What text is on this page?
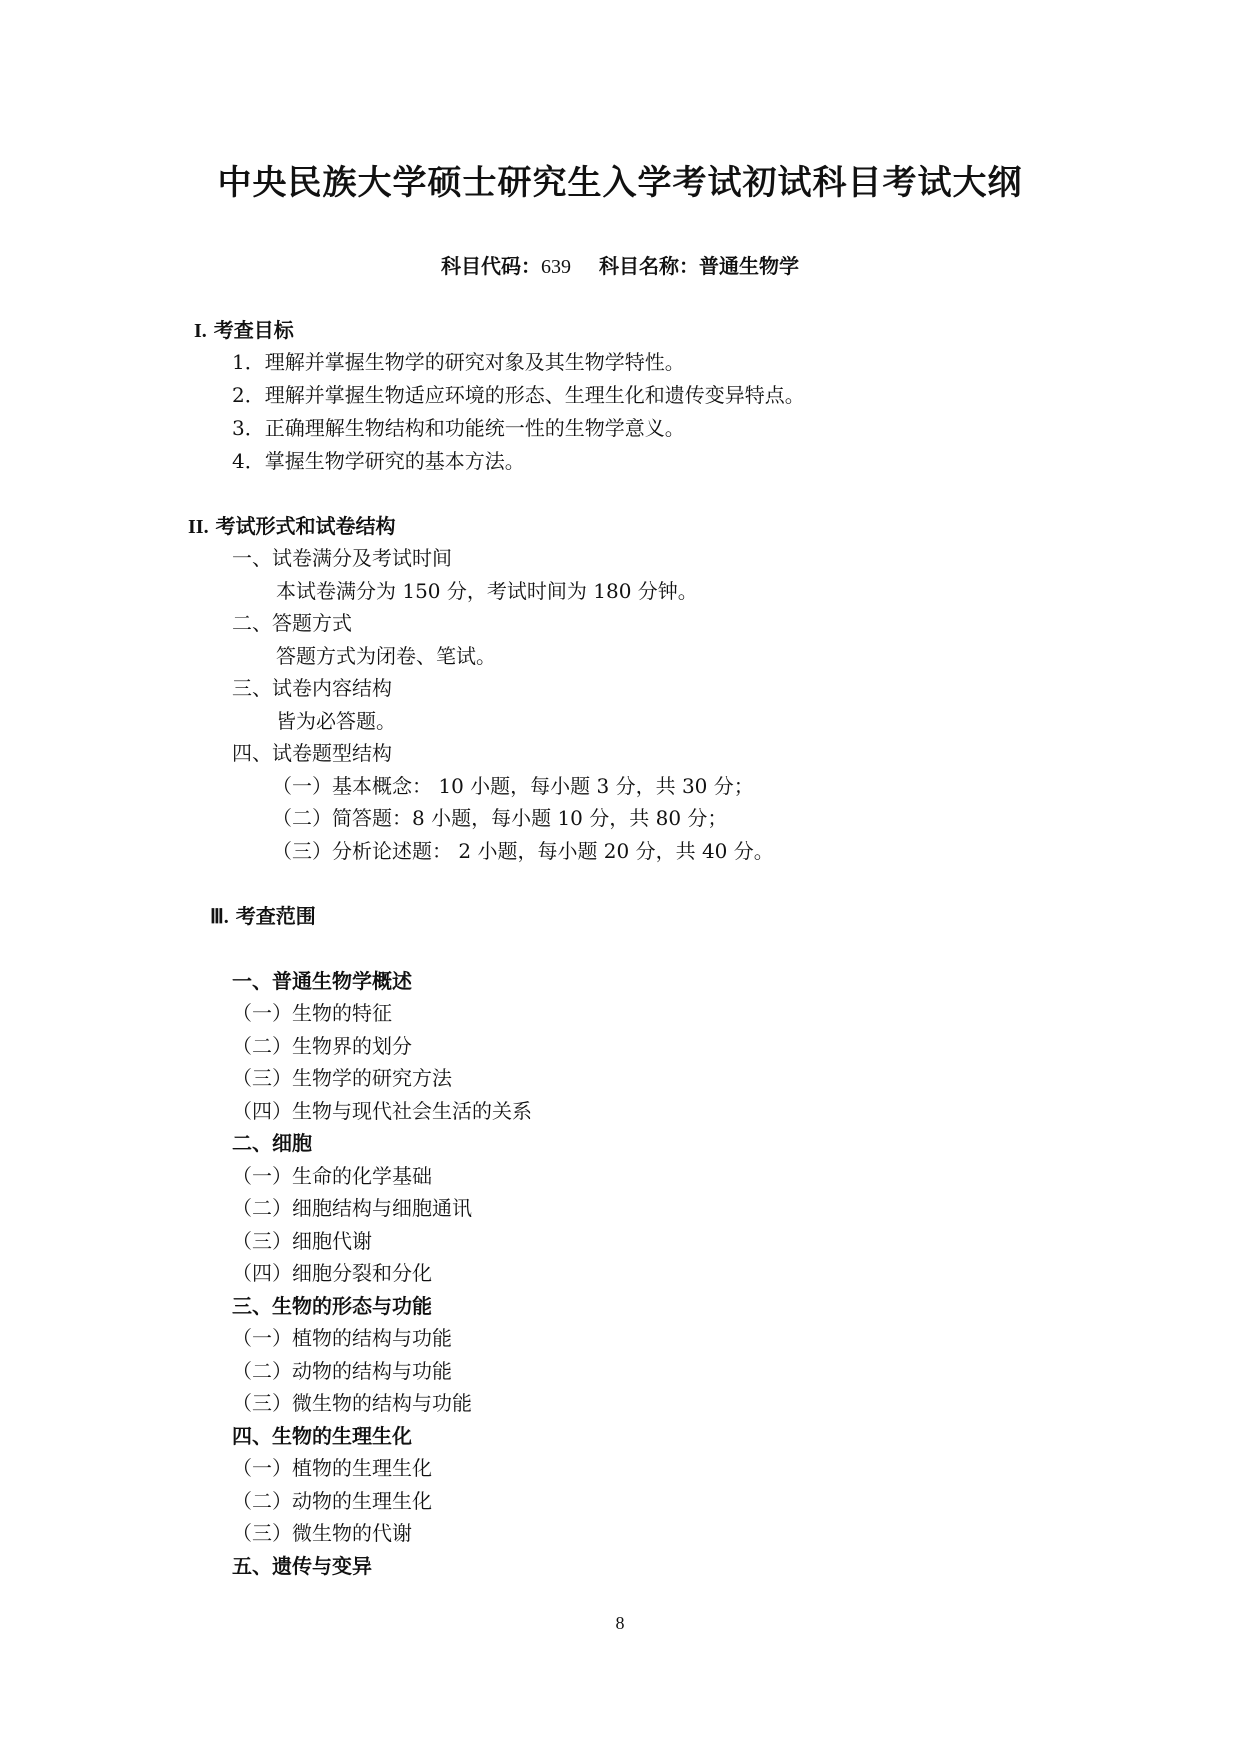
中央民族大学硕士研究生入学考试初试科目考试大纲
科目代码：639 科目名称：普通生物学
I. 考查目标
1．理解并掌握生物学的研究对象及其生物学特性。
2．理解并掌握生物适应环境的形态、生理生化和遗传变异特点。
3．正确理解生物结构和功能统一性的生物学意义。
4．掌握生物学研究的基本方法。
II. 考试形式和试卷结构
一、试卷满分及考试时间
本试卷满分为 150 分，考试时间为 180 分钟。
二、答题方式
答题方式为闭卷、笔试。
三、试卷内容结构
皆为必答题。
四、试卷题型结构
（一）基本概念： 10 小题，每小题 3 分，共 30 分；
（二）简答题：8 小题，每小题 10 分，共 80 分；
（三）分析论述题： 2 小题，每小题 20 分，共 40 分。
Ⅲ. 考查范围
一、普通生物学概述
（一）生物的特征
（二）生物界的划分
（三）生物学的研究方法
（四）生物与现代社会生活的关系
二、细胞
（一）生命的化学基础
（二）细胞结构与细胞通讯
（三）细胞代谢
（四）细胞分裂和分化
三、生物的形态与功能
（一）植物的结构与功能
（二）动物的结构与功能
（三）微生物的结构与功能
四、生物的生理生化
（一）植物的生理生化
（二）动物的生理生化
（三）微生物的代谢
五、遗传与变异
8
